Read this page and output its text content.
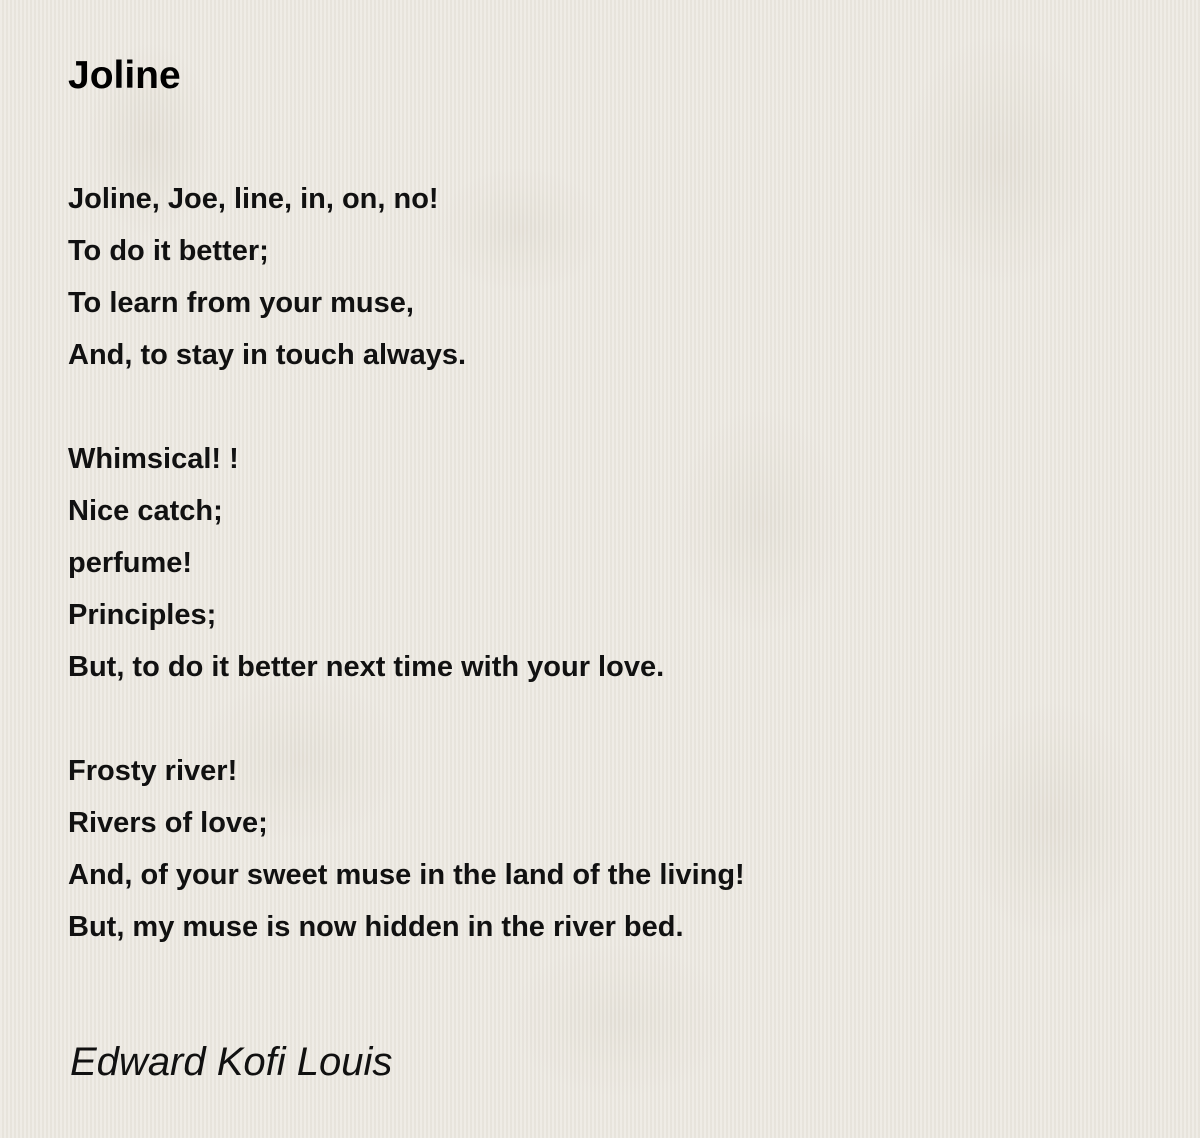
Joline
Joline, Joe, line, in, on, no!
To do it better;
To learn from your muse,
And, to stay in touch always.
Whimsical! !
Nice catch;
perfume!
Principles;
But, to do it better next time with your love.
Frosty river!
Rivers of love;
And, of your sweet muse in the land of the living!
But, my muse is now hidden in the river bed.
Edward Kofi Louis
